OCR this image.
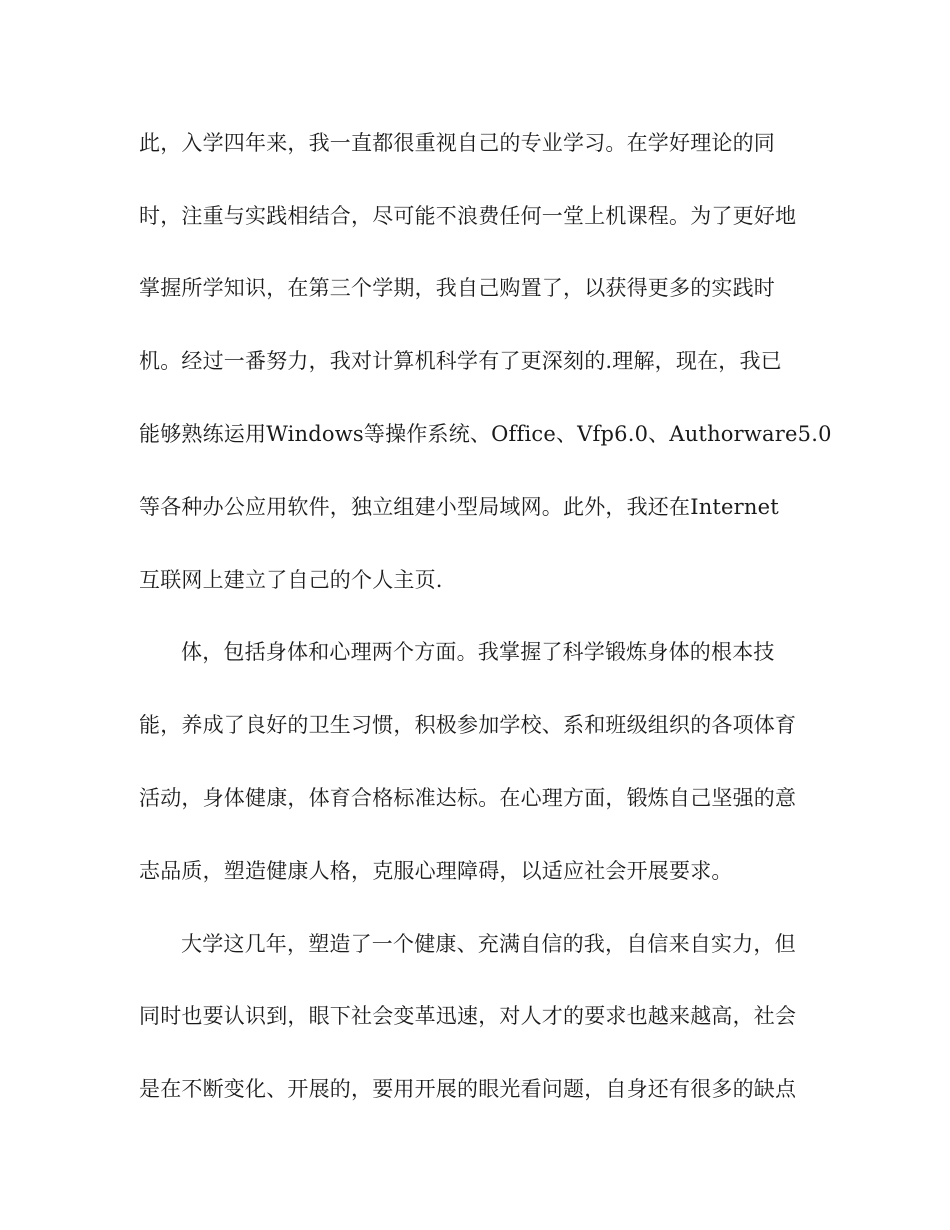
此，入学四年来，我一直都很重视自己的专业学习。在学好理论的同
时，注重与实践相结合，尽可能不浪费任何一堂上机课程。为了更好地
掌握所学知识，在第三个学期，我自己购置了，以获得更多的实践时
机。经过一番努力，我对计算机科学有了更深刻的.理解，现在，我已
能够熟练运用Windows等操作系统、Office、Vfp6.0、Authorware5.0
等各种办公应用软件，独立组建小型局域网。此外，我还在Internet
互联网上建立了自己的个人主页.
体，包括身体和心理两个方面。我掌握了科学锻炼身体的根本技
能，养成了良好的卫生习惯，积极参加学校、系和班级组织的各项体育
活动，身体健康，体育合格标准达标。在心理方面，锻炼自己坚强的意
志品质，塑造健康人格，克服心理障碍，以适应社会开展要求。
大学这几年，塑造了一个健康、充满自信的我，自信来自实力，但
同时也要认识到，眼下社会变革迅速，对人才的要求也越来越高，社会
是在不断变化、开展的，要用开展的眼光看问题，自身还有很多的缺点
